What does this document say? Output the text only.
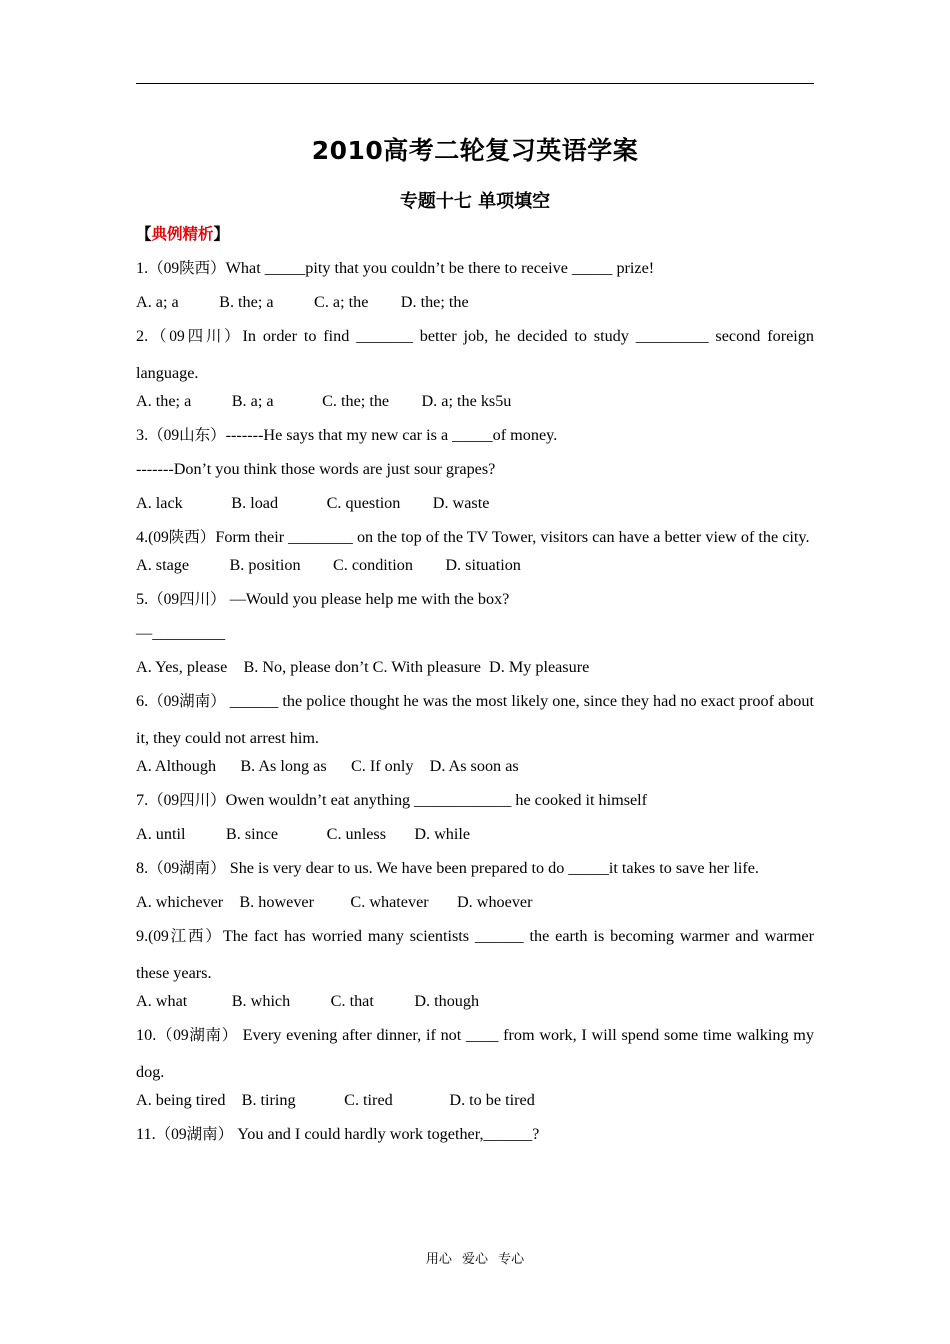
2010高考二轮复习英语学案
专题十七 单项填空
【典例精析】
1.（09陕西）What _____pity that you couldn’t be there to receive _____ prize!
A. a; a          B. the; a          C. a; the        D. the; the
2.（09四川）In order to find _______ better job, he decided to study _________ second foreign language.
A. the; a          B. a; a            C. the; the        D. a; the ks5u
3.（09山东）-------He says that my new car is a _____of money.
-------Don’t you think those words are just sour grapes?
A. lack            B. load            C. question        D. waste
4.(09陕西）Form their ________ on the top of the TV Tower, visitors can have a better view of the city.
A. stage          B. position        C. condition        D. situation
5.（09四川） —Would you please help me with the box?
—_________
A. Yes, please    B. No, please don’t C. With pleasure  D. My pleasure
6.（09湖南） ______ the police thought he was the most likely one, since they had no exact proof about it, they could not arrest him.
A. Although      B. As long as      C. If only    D. As soon as
7.（09四川）Owen wouldn’t eat anything ____________ he cooked it himself
A. until          B. since            C. unless       D. while
8.（09湖南） She is very dear to us. We have been prepared to do _____it takes to save her life.
A. whichever    B. however         C. whatever       D. whoever
9.(09江西）The fact has worried many scientists ______ the earth is becoming warmer and warmer these years.
A. what           B. which          C. that          D. though
10.（09湖南） Every evening after dinner, if not ____ from work, I will spend some time walking my dog.
A. being tired    B. tiring            C. tired              D. to be tired
11.（09湖南） You and I could hardly work together,______?
用心 爱心 专心
